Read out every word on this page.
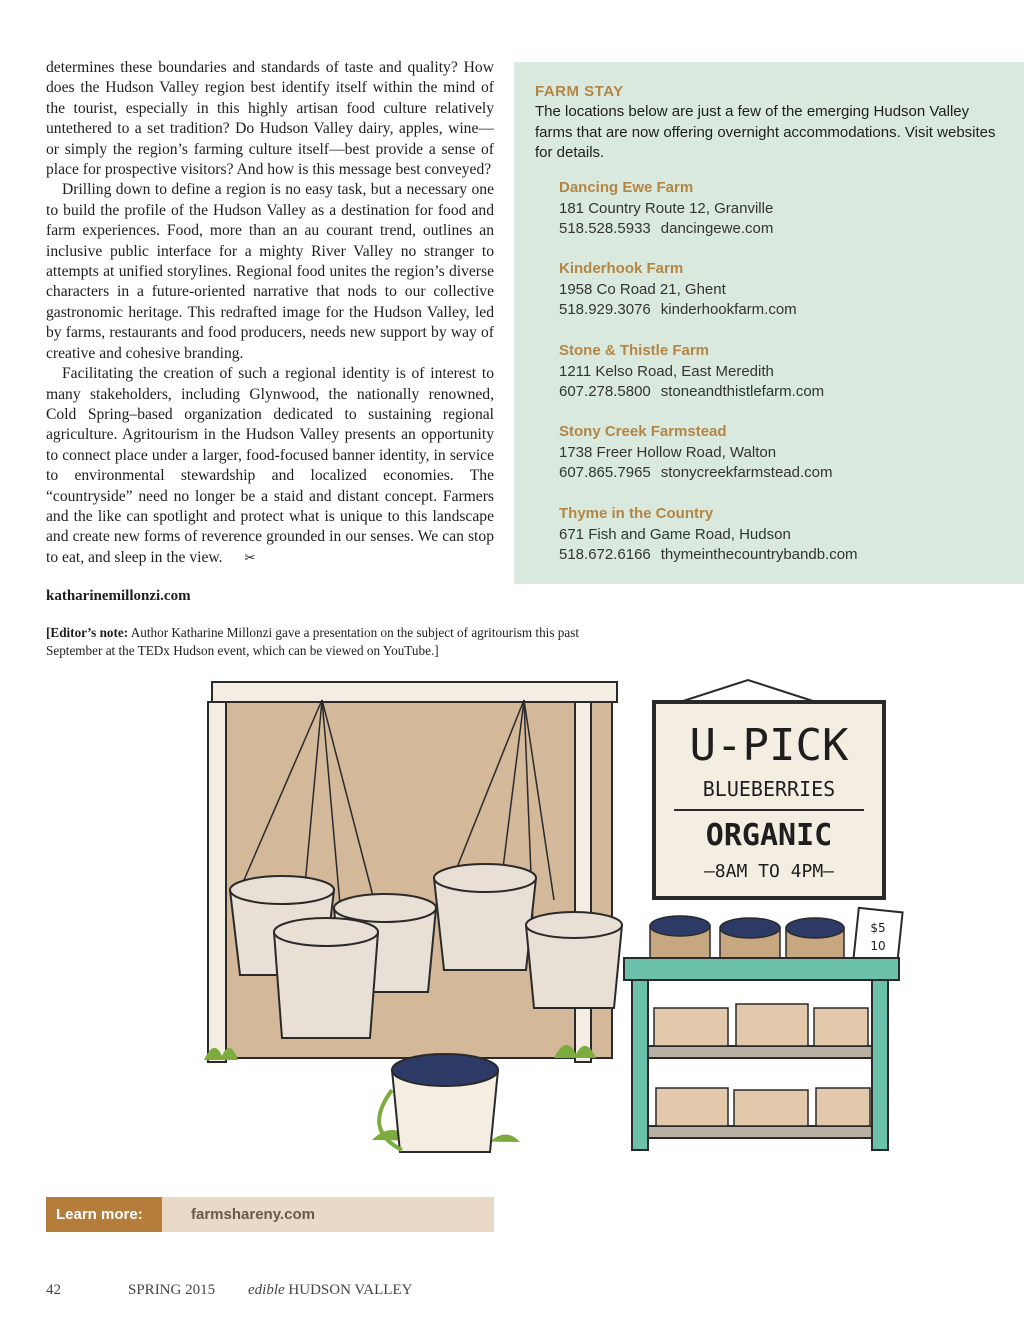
determines these boundaries and standards of taste and quality? How does the Hudson Valley region best identify itself within the mind of the tourist, especially in this highly artisan food culture relatively untethered to a set tradition? Do Hudson Valley dairy, apples, wine— or simply the region’s farming culture itself—best provide a sense of place for prospective visitors? And how is this message best conveyed?

Drilling down to define a region is no easy task, but a necessary one to build the profile of the Hudson Valley as a destination for food and farm experiences. Food, more than an au courant trend, outlines an inclusive public interface for a mighty River Valley no stranger to attempts at unified storylines. Regional food unites the region’s diverse characters in a future-oriented narrative that nods to our collective gastronomic heritage. This redrafted image for the Hudson Valley, led by farms, restaurants and food producers, needs new support by way of creative and cohesive branding.

Facilitating the creation of such a regional identity is of interest to many stakeholders, including Glynwood, the nationally renowned, Cold Spring–based organization dedicated to sustaining regional agriculture. Agritourism in the Hudson Valley presents an opportunity to connect place under a larger, food-focused banner identity, in service to environmental stewardship and localized economies. The “countryside” need no longer be a staid and distant concept. Farmers and the like can spotlight and protect what is unique to this landscape and create new forms of reverence grounded in our senses. We can stop to eat, and sleep in the view. ✂

FARM STAY
The locations below are just a few of the emerging Hudson Valley farms that are now offering overnight accommodations. Visit websites for details.
Dancing Ewe Farm
181 Country Route 12, Granville
518.528.5933 dancingewe.com
Kinderhook Farm
1958 Co Road 21, Ghent
518.929.3076 kinderhookfarm.com
Stone & Thistle Farm
1211 Kelso Road, East Meredith
607.278.5800 stoneandthistlefarm.com
Stony Creek Farmstead
1738 Freer Hollow Road, Walton
607.865.7965 stonycreekfarmstead.com
Thyme in the Country
671 Fish and Game Road, Hudson
518.672.6166 thymeinthecountrybandb.com
katharinemillonzi.com
[Editor’s note: Author Katharine Millonzi gave a presentation on the subject of agritourism this past September at the TEDx Hudson event, which can be viewed on YouTube.]
U-PICK
BLUEBERRIES
ORGANIC
—8AM TO 4PM—
$5
10
Learn more:	farmshareny.com
42	SPRING 2015 edible HUDSON VALLEY
